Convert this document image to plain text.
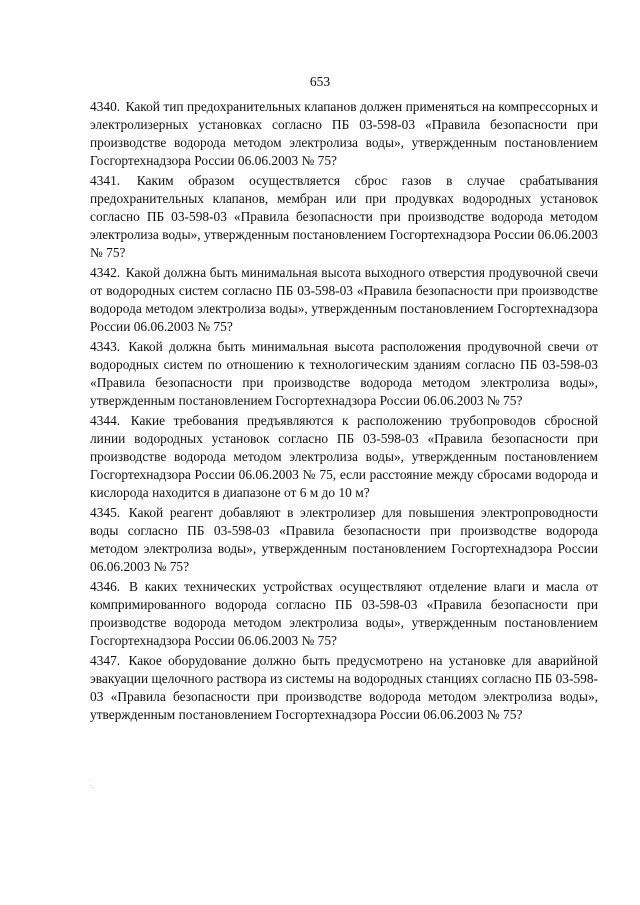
653

4340. Какой тип предохранительных клапанов должен применяться на компрессорных и электролизерных установках согласно ПБ 03-598-03 «Правила безопасности при производстве водорода методом электролиза воды», утвержденным постановлением Госгортехнадзора России 06.06.2003 № 75?

4341. Каким образом осуществляется сброс газов в случае срабатывания предохранительных клапанов, мембран или при продувках водородных установок согласно ПБ 03-598-03 «Правила безопасности при производстве водорода методом электролиза воды», утвержденным постановлением Госгортехнадзора России 06.06.2003 № 75?

4342. Какой должна быть минимальная высота выходного отверстия продувочной свечи от водородных систем согласно ПБ 03-598-03 «Правила безопасности при производстве водорода методом электролиза воды», утвержденным постановлением Госгортехнадзора России 06.06.2003 № 75?

4343. Какой должна быть минимальная высота расположения продувочной свечи от водородных систем по отношению к технологическим зданиям согласно ПБ 03-598-03 «Правила безопасности при производстве водорода методом электролиза воды», утвержденным постановлением Госгортехнадзора России 06.06.2003 № 75?

4344. Какие требования предъявляются к расположению трубопроводов сбросной линии водородных установок согласно ПБ 03-598-03 «Правила безопасности при производстве водорода методом электролиза воды», утвержденным постановлением Госгортехнадзора России 06.06.2003 № 75, если расстояние между сбросами водорода и кислорода находится в диапазоне от 6 м до 10 м?

4345. Какой реагент добавляют в электролизер для повышения электропроводности воды согласно ПБ 03-598-03 «Правила безопасности при производстве водорода методом электролиза воды», утвержденным постановлением Госгортехнадзора России 06.06.2003 № 75?

4346. В каких технических устройствах осуществляют отделение влаги и масла от компримированного водорода согласно ПБ 03-598-03 «Правила безопасности при производстве водорода методом электролиза воды», утвержденным постановлением Госгортехнадзора России 06.06.2003 № 75?

4347. Какое оборудование должно быть предусмотрено на установке для аварийной эвакуации щелочного раствора из системы на водородных станциях согласно ПБ 03-598-03 «Правила безопасности при производстве водорода методом электролиза воды», утвержденным постановлением Госгортехнадзора России 06.06.2003 № 75?

·
·.
